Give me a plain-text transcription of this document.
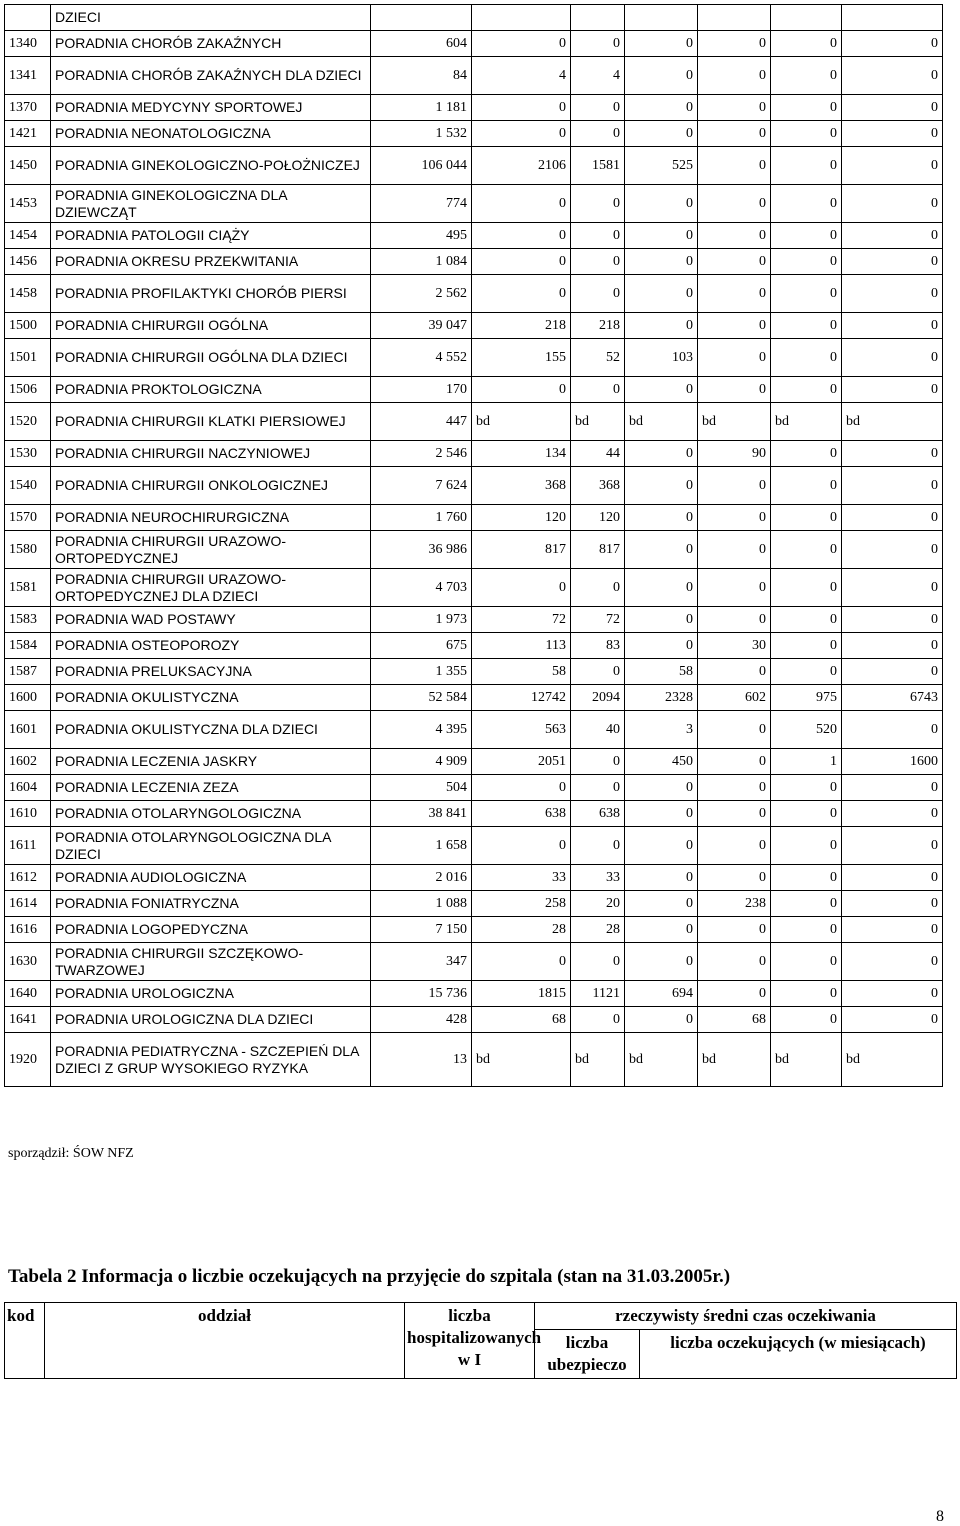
	DZIECI							
1340	PORADNIA CHORÓB ZAKAŹNYCH	604	0	0	0	0	0	0
1341	PORADNIA CHORÓB ZAKAŹNYCH DLA DZIECI	84	4	4	0	0	0	0
1370	PORADNIA MEDYCYNY SPORTOWEJ	1 181	0	0	0	0	0	0
1421	PORADNIA NEONATOLOGICZNA	1 532	0	0	0	0	0	0
1450	PORADNIA GINEKOLOGICZNO-POŁOŻNICZEJ	106 044	2106	1581	525	0	0	0
1453	PORADNIA GINEKOLOGICZNA DLA DZIEWCZĄT	774	0	0	0	0	0	0
1454	PORADNIA PATOLOGII CIĄŻY	495	0	0	0	0	0	0
1456	PORADNIA OKRESU PRZEKWITANIA	1 084	0	0	0	0	0	0
1458	PORADNIA PROFILAKTYKI CHORÓB PIERSI	2 562	0	0	0	0	0	0
1500	PORADNIA CHIRURGII OGÓLNA	39 047	218	218	0	0	0	0
1501	PORADNIA CHIRURGII OGÓLNA DLA DZIECI	4 552	155	52	103	0	0	0
1506	PORADNIA PROKTOLOGICZNA	170	0	0	0	0	0	0
1520	PORADNIA CHIRURGII KLATKI PIERSIOWEJ	447	bd	bd	bd	bd	bd	bd
1530	PORADNIA CHIRURGII NACZYNIOWEJ	2 546	134	44	0	90	0	0
1540	PORADNIA CHIRURGII ONKOLOGICZNEJ	7 624	368	368	0	0	0	0
1570	PORADNIA NEUROCHIRURGICZNA	1 760	120	120	0	0	0	0
1580	PORADNIA CHIRURGII URAZOWO-ORTOPEDYCZNEJ	36 986	817	817	0	0	0	0
1581	PORADNIA CHIRURGII URAZOWO-ORTOPEDYCZNEJ DLA DZIECI	4 703	0	0	0	0	0	0
1583	PORADNIA WAD POSTAWY	1 973	72	72	0	0	0	0
1584	PORADNIA OSTEOPOROZY	675	113	83	0	30	0	0
1587	PORADNIA PRELUKSACYJNA	1 355	58	0	58	0	0	0
1600	PORADNIA OKULISTYCZNA	52 584	12742	2094	2328	602	975	6743
1601	PORADNIA OKULISTYCZNA DLA DZIECI	4 395	563	40	3	0	520	0
1602	PORADNIA LECZENIA JASKRY	4 909	2051	0	450	0	1	1600
1604	PORADNIA LECZENIA ZEZA	504	0	0	0	0	0	0
1610	PORADNIA OTOLARYNGOLOGICZNA	38 841	638	638	0	0	0	0
1611	PORADNIA OTOLARYNGOLOGICZNA DLA DZIECI	1 658	0	0	0	0	0	0
1612	PORADNIA AUDIOLOGICZNA	2 016	33	33	0	0	0	0
1614	PORADNIA FONIATRYCZNA	1 088	258	20	0	238	0	0
1616	PORADNIA LOGOPEDYCZNA	7 150	28	28	0	0	0	0
1630	PORADNIA CHIRURGII SZCZĘKOWO-TWARZOWEJ	347	0	0	0	0	0	0
1640	PORADNIA UROLOGICZNA	15 736	1815	1121	694	0	0	0
1641	PORADNIA UROLOGICZNA DLA DZIECI	428	68	0	0	68	0	0
1920	PORADNIA PEDIATRYCZNA - SZCZEPIEŃ DLA DZIECI Z GRUP WYSOKIEGO RYZYKA	13	bd	bd	bd	bd	bd	bd
sporządził: ŚOW NFZ
Tabela 2 Informacja o liczbie oczekujących na przyjęcie do szpitala (stan na 31.03.2005r.)
kod	oddział	liczba hospitalizowanych w I	rzeczywisty średni czas oczekiwania	
			liczba ubezpieczo	liczba oczekujących (w miesiącach)
8
